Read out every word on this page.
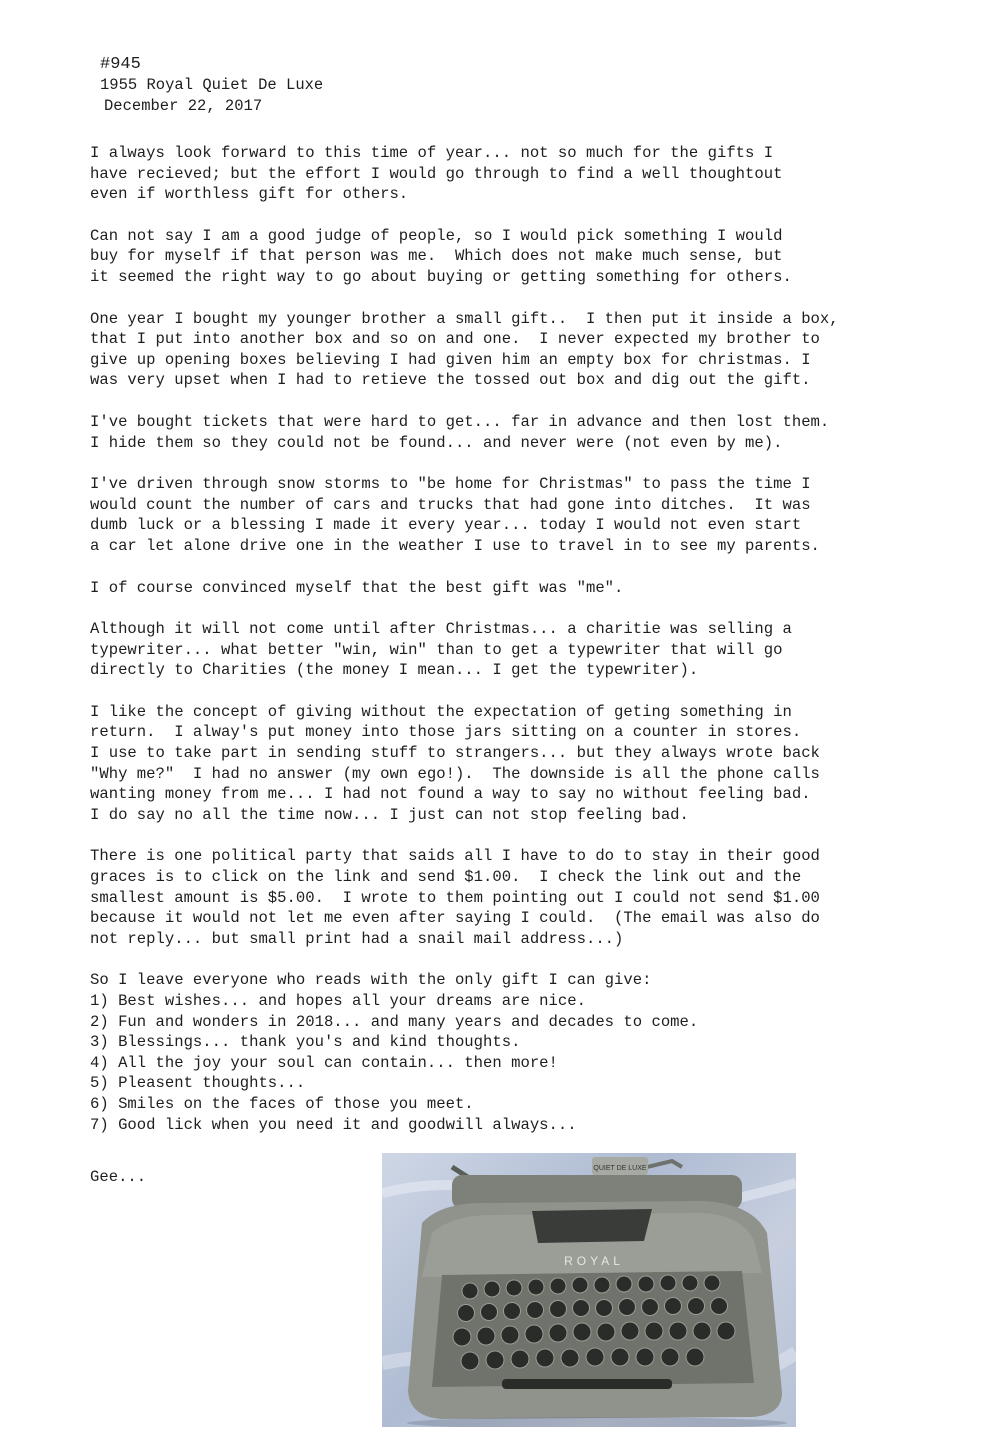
#945
1955 Royal Quiet De Luxe
December 22, 2017
I always look forward to this time of year... not so much for the gifts I
have recieved; but the effort I would go through to find a well thoughtout
even if worthless gift for others.
Can not say I am a good judge of people, so I would pick something I would
buy for myself if that person was me.  Which does not make much sense, but
it seemed the right way to go about buying or getting something for others.
One year I bought my younger brother a small gift..  I then put it inside a box,
that I put into another box and so on and one.  I never expected my brother to
give up opening boxes believing I had given him an empty box for christmas. I
was very upset when I had to retieve the tossed out box and dig out the gift.
I've bought tickets that were hard to get... far in advance and then lost them.
I hide them so they could not be found... and never were (not even by me).
I've driven through snow storms to "be home for Christmas" to pass the time I
would count the number of cars and trucks that had gone into ditches.  It was
dumb luck or a blessing I made it every year... today I would not even start
a car let alone drive one in the weather I use to travel in to see my parents.
I of course convinced myself that the best gift was "me".
Although it will not come until after Christmas... a charitie was selling a
typewriter... what better "win, win" than to get a typewriter that will go
directly to Charities (the money I mean... I get the typewriter).
I like the concept of giving without the expectation of geting something in
return.  I alway's put money into those jars sitting on a counter in stores.
I use to take part in sending stuff to strangers... but they always wrote back
"Why me?"  I had no answer (my own ego!).  The downside is all the phone calls
wanting money from me... I had not found a way to say no without feeling bad.
I do say no all the time now... I just can not stop feeling bad.
There is one political party that saids all I have to do to stay in their good
graces is to click on the link and send $1.00.  I check the link out and the
smallest amount is $5.00.  I wrote to them pointing out I could not send $1.00
because it would not let me even after saying I could.  (The email was also do
not reply... but small print had a snail mail address...)
So I leave everyone who reads with the only gift I can give:
1) Best wishes... and hopes all your dreams are nice.
2) Fun and wonders in 2018... and many years and decades to come.
3) Blessings... thank you's and kind thoughts.
4) All the joy your soul can contain... then more!
5) Pleasent thoughts...
6) Smiles on the faces of those you meet.
7) Good lick when you need it and goodwill always...
Gee...	QUIET DE LUXE
ROYAL
